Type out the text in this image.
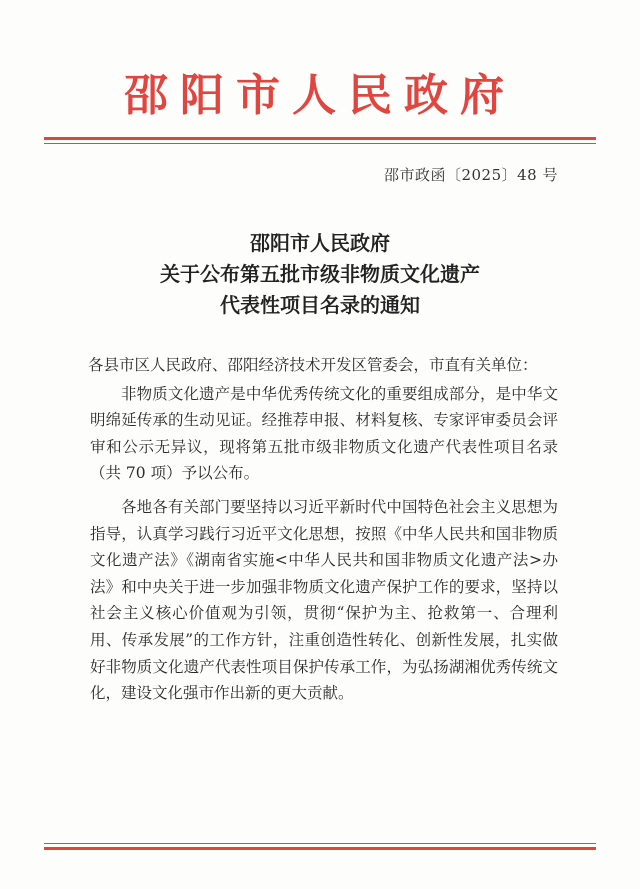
邵阳市人民政府
邵市政函〔2025〕48 号
邵阳市人民政府
关于公布第五批市级非物质文化遗产
代表性项目名录的通知

各县市区人民政府、邵阳经济技术开发区管委会，市直有关单位：

非物质文化遗产是中华优秀传统文化的重要组成部分，是中华文明绵延传承的生动见证。经推荐申报、材料复核、专家评审委员会评审和公示无异议，现将第五批市级非物质文化遗产代表性项目名录（共 70 项）予以公布。

各地各有关部门要坚持以习近平新时代中国特色社会主义思想为指导，认真学习践行习近平文化思想，按照《中华人民共和国非物质文化遗产法》《湖南省实施<中华人民共和国非物质文化遗产法>办法》和中央关于进一步加强非物质文化遗产保护工作的要求，坚持以社会主义核心价值观为引领，贯彻“保护为主、抢救第一、合理利用、传承发展”的工作方针，注重创造性转化、创新性发展，扎实做好非物质文化遗产代表性项目保护传承工作，为弘扬湖湘优秀传统文化，建设文化强市作出新的更大贡献。
